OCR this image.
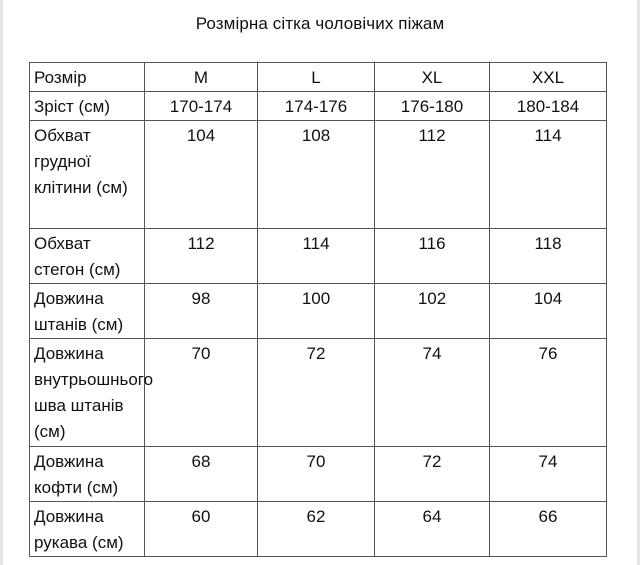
Розмірна сітка чоловічих піжам
Розмір	M	L	XL	XXL
Зріст (см)	170-174	174-176	176-180	180-184
Обхват грудної клітини (см)	104	108	112	114
Обхват стегон (см)	112	114	116	118
Довжина штанів (см)	98	100	102	104
Довжина внутрьошнього шва штанів (см)	70	72	74	76
Довжина кофти (см)	68	70	72	74
Довжина рукава (см)	60	62	64	66
